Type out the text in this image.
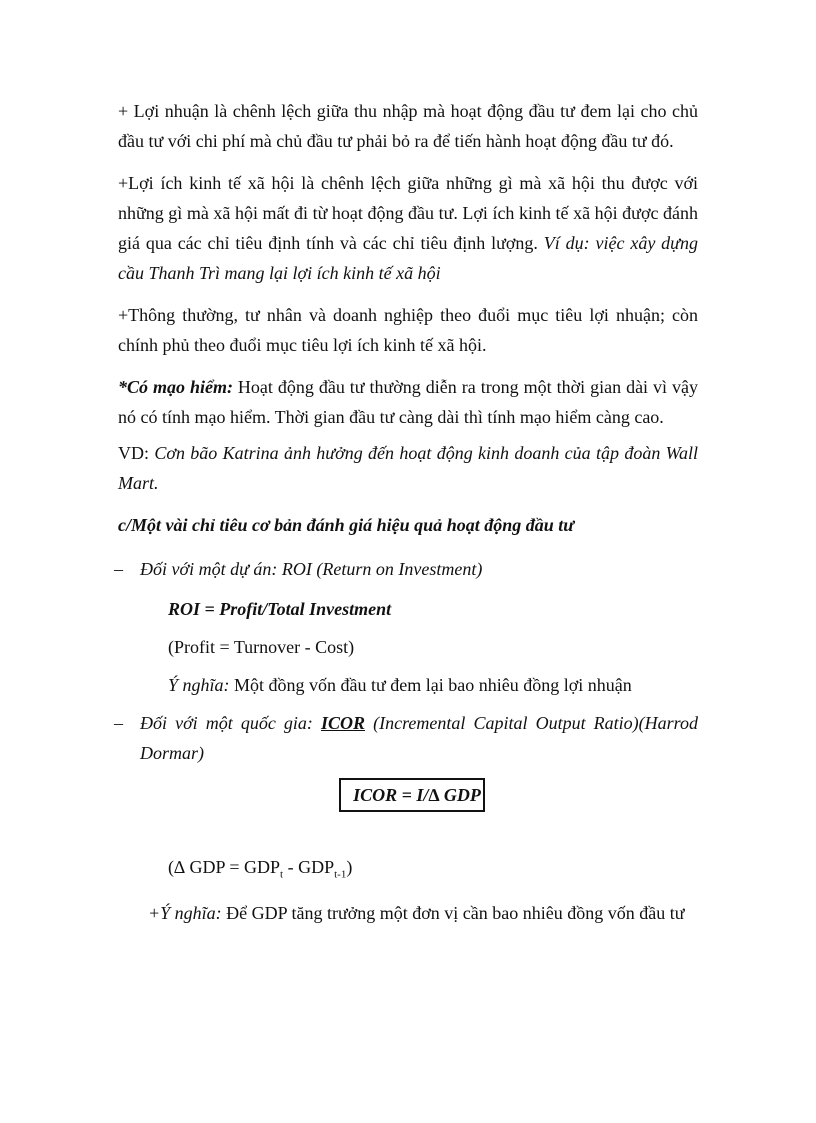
+ Lợi nhuận là chênh lệch giữa thu nhập mà hoạt động đầu tư đem lại cho chủ đầu tư với chi phí mà chủ đầu tư phải bỏ ra để tiến hành hoạt động đầu tư đó.

+Lợi ích kinh tế xã hội là chênh lệch giữa những gì mà xã hội thu được với những gì mà xã hội mất đi từ hoạt động đầu tư. Lợi ích kinh tế xã hội được đánh giá qua các chỉ tiêu định tính và các chỉ tiêu định lượng. Ví dụ: việc xây dựng cầu Thanh Trì mang lại lợi ích kinh tế xã hội

+Thông thường, tư nhân và doanh nghiệp theo đuổi mục tiêu lợi nhuận; còn chính phủ theo đuổi mục tiêu lợi ích kinh tế xã hội.

*Có mạo hiểm: Hoạt động đầu tư thường diễn ra trong một thời gian dài vì vậy nó có tính mạo hiểm. Thời gian đầu tư càng dài thì tính mạo hiểm càng cao.

VD: Cơn bão Katrina ảnh hưởng đến hoạt động kinh doanh của tập đoàn Wall Mart.

c/Một vài chỉ tiêu cơ bản đánh giá hiệu quả hoạt động đầu tư
– Đối với một dự án: ROI (Return on Investment)
ROI = Profit/Total Investment
(Profit = Turnover - Cost)
Ý nghĩa: Một đồng vốn đầu tư đem lại bao nhiêu đồng lợi nhuận
– Đối với một quốc gia: ICOR (Incremental Capital Output Ratio)(Harrod Dormar)
ICOR = I/∆ GDP
(∆ GDP = $GDP_t - GDP_{t-1}$)

+Ý nghĩa: Để GDP tăng trưởng một đơn vị cần bao nhiêu đồng vốn đầu tư
